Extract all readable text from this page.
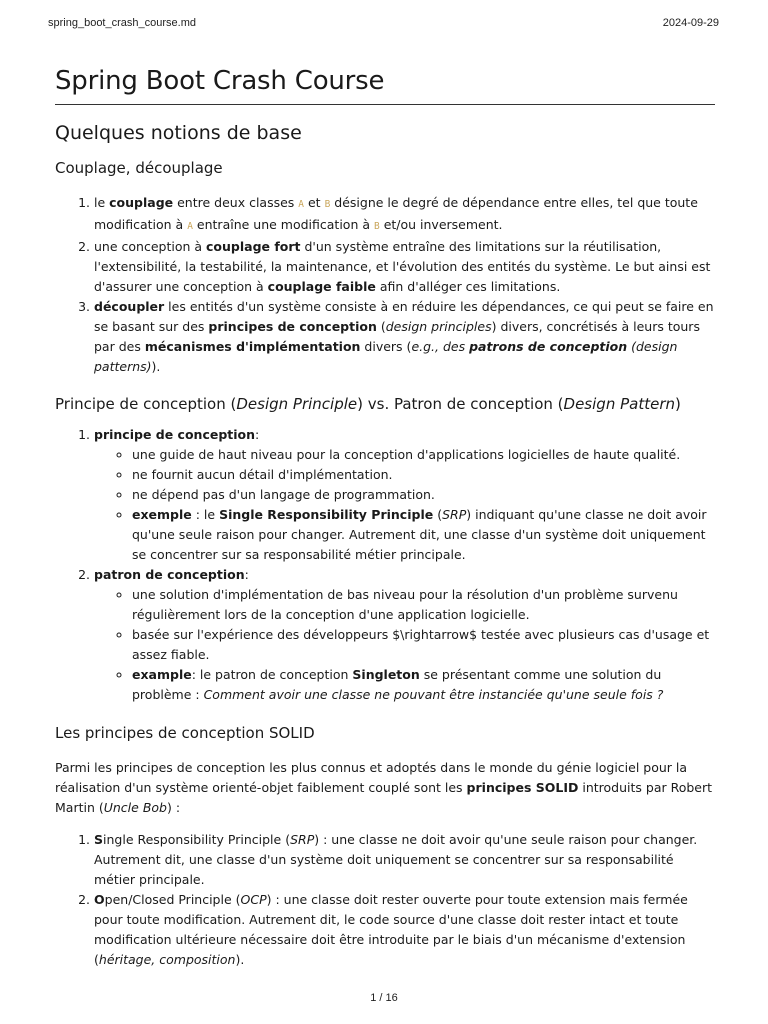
spring_boot_crash_course.md	2024-09-29
Spring Boot Crash Course
Quelques notions de base
Couplage, découplage
1. le couplage entre deux classes A et B désigne le degré de dépendance entre elles, tel que toute modification à A entraîne une modification à B et/ou inversement.
2. une conception à couplage fort d'un système entraîne des limitations sur la réutilisation, l'extensibilité, la testabilité, la maintenance, et l'évolution des entités du système. Le but ainsi est d'assurer une conception à couplage faible afin d'alléger ces limitations.
3. découpler les entités d'un système consiste à en réduire les dépendances, ce qui peut se faire en se basant sur des principes de conception (design principles) divers, concrétisés à leurs tours par des mécanismes d'implémentation divers (e.g., des patrons de conception (design patterns)).
Principe de conception (Design Principle) vs. Patron de conception (Design Pattern)
1. principe de conception:
◦ une guide de haut niveau pour la conception d'applications logicielles de haute qualité.
◦ ne fournit aucun détail d'implémentation.
◦ ne dépend pas d'un langage de programmation.
◦ exemple : le Single Responsibility Principle (SRP) indiquant qu'une classe ne doit avoir qu'une seule raison pour changer. Autrement dit, une classe d'un système doit uniquement se concentrer sur sa responsabilité métier principale.
2. patron de conception:
◦ une solution d'implémentation de bas niveau pour la résolution d'un problème survenu régulièrement lors de la conception d'une application logicielle.
◦ basée sur l'expérience des développeurs $\rightarrow$ testée avec plusieurs cas d'usage et assez fiable.
◦ example: le patron de conception Singleton se présentant comme une solution du problème : Comment avoir une classe ne pouvant être instanciée qu'une seule fois ?
Les principes de conception SOLID

Parmi les principes de conception les plus connus et adoptés dans le monde du génie logiciel pour la réalisation d'un système orienté-objet faiblement couplé sont les principes SOLID introduits par Robert Martin (Uncle Bob) :

1. Single Responsibility Principle (SRP) : une classe ne doit avoir qu'une seule raison pour changer. Autrement dit, une classe d'un système doit uniquement se concentrer sur sa responsabilité métier principale.
2. Open/Closed Principle (OCP) : une classe doit rester ouverte pour toute extension mais fermée pour toute modification. Autrement dit, le code source d'une classe doit rester intact et toute modification ultérieure nécessaire doit être introduite par le biais d'un mécanisme d'extension (héritage, composition).
1 / 16
